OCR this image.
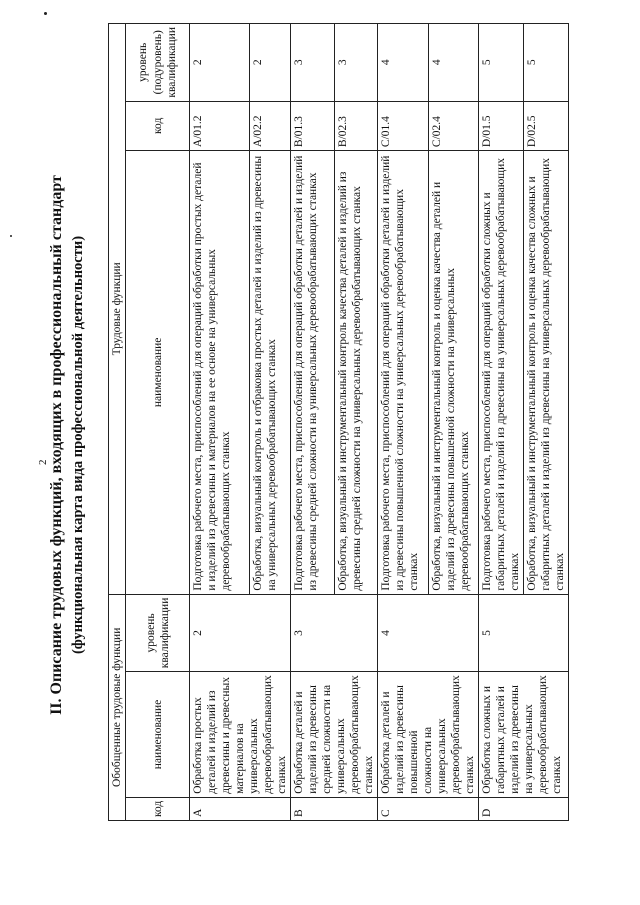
2 II. Описание трудовых функций, входящих в профессиональный стандарт (функциональная карта вида профессиональной деятельности)
Обобщенные трудовые функции			Трудовые функции		
код	наименование	уровень квалификации	наименование	код	уровень (подуровень) квалификации
A	Обработка простых деталей и изделий из древесины и древесных материалов на универсальных деревообрабатывающих станках	2	Подготовка рабочего места, приспособлений для операций обработки простых деталей и изделий из древесины и материалов на ее основе на универсальных деревообрабатывающих станках	A/01.2	2
			Обработка, визуальный контроль и отбраковка простых деталей и изделий из древесины на универсальных деревообрабатывающих станках	A/02.2	2
B	Обработка деталей и изделий из древесины средней сложности на универсальных деревообрабатывающих станках	3	Подготовка рабочего места, приспособлений для операций обработки деталей и изделий из древесины средней сложности на универсальных деревообрабатывающих станках	B/01.3	3
			Обработка, визуальный и инструментальный контроль качества деталей и изделий из древесины средней сложности на универсальных деревообрабатывающих станках	B/02.3	3
C	Обработка деталей и изделий из древесины повышенной сложности на универсальных деревообрабатывающих станках	4	Подготовка рабочего места, приспособлений для операций обработки деталей и изделий из древесины повышенной сложности на универсальных деревообрабатывающих станках	C/01.4	4
			Обработка, визуальный и инструментальный контроль и оценка качества деталей и изделий из древесины повышенной сложности на универсальных деревообрабатывающих станках	C/02.4	4
D	Обработка сложных и габаритных деталей и изделий из древесины на универсальных деревообрабатывающих станках	5	Подготовка рабочего места, приспособлений для операций обработки сложных и габаритных деталей и изделий из древесины на универсальных деревообрабатывающих станках	D/01.5	5
			Обработка, визуальный и инструментальный контроль и оценка качества сложных и габаритных деталей и изделий из древесины на универсальных деревообрабатывающих станках	D/02.5	5
